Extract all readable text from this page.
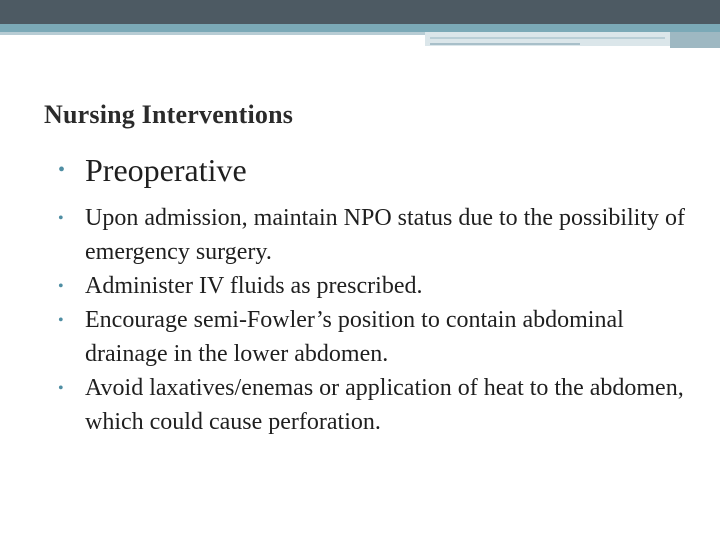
Nursing Interventions
• Preoperative
• Upon admission, maintain NPO status due to the possibility of emergency surgery.
• Administer IV fluids as prescribed.
• Encourage semi-Fowler’s position to contain abdominal drainage in the lower abdomen.
• Avoid laxatives/enemas or application of heat to the abdomen, which could cause perforation.
